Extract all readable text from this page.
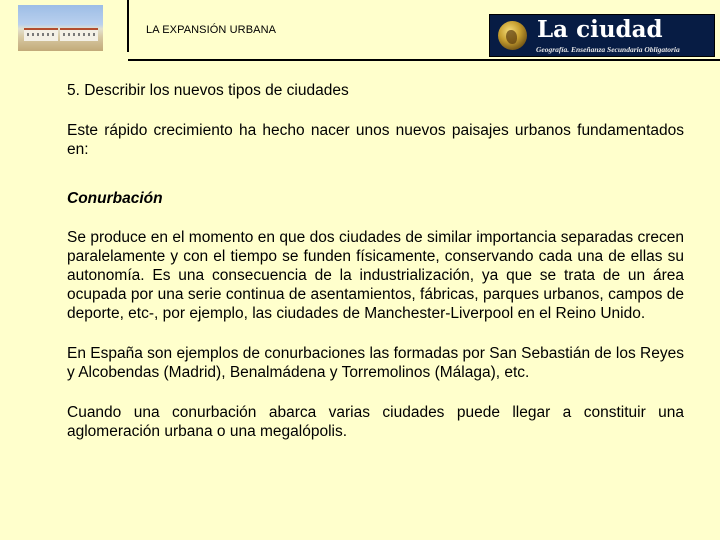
LA EXPANSIÓN URBANA	La ciudad
Geografía. Enseñanza Secundaria Obligatoria

5. Describir los nuevos tipos de ciudades

Este rápido crecimiento ha hecho nacer unos nuevos paisajes urbanos fundamentados en:

Conurbación

Se produce en el momento en que dos ciudades de similar importancia separadas crecen paralelamente y con el tiempo se funden físicamente, conservando cada una de ellas su autonomía. Es una consecuencia de la industrialización, ya que se trata de un área ocupada por una serie continua de asentamientos, fábricas, parques urbanos, campos de deporte, etc-, por ejemplo, las ciudades de Manchester-Liverpool en el Reino Unido.

En España son ejemplos de conurbaciones las formadas por San Sebastián de los Reyes y Alcobendas (Madrid), Benalmádena y Torremolinos (Málaga), etc.

Cuando una conurbación abarca varias ciudades puede llegar a constituir una aglomeración urbana o una megalópolis.
